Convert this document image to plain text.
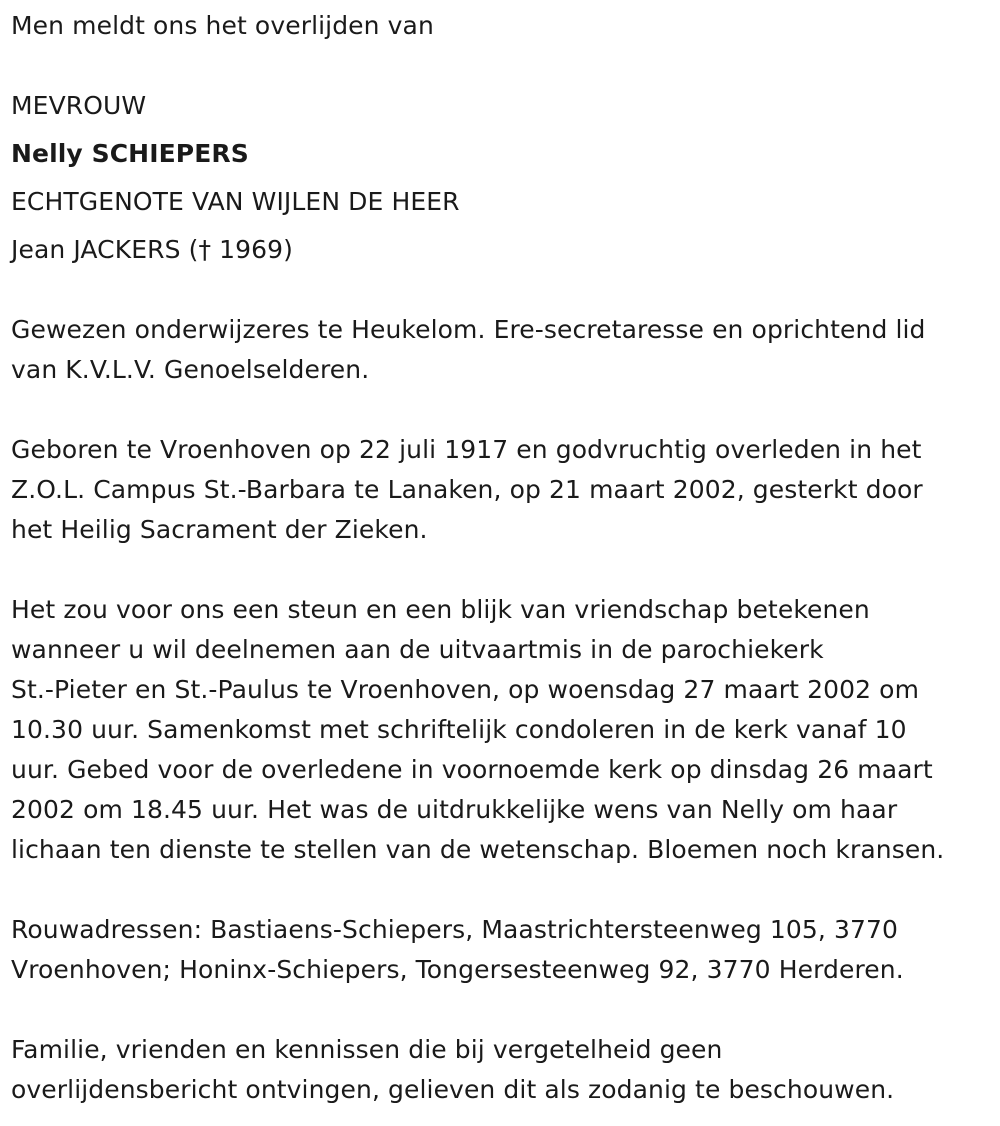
Men meldt ons het overlijden van
MEVROUW
Nelly SCHIEPERS
ECHTGENOTE VAN WIJLEN DE HEER
Jean JACKERS († 1969)
Gewezen onderwijzeres te Heukelom. Ere-secretaresse en oprichtend lid
van K.V.L.V. Genoelselderen.
Geboren te Vroenhoven op 22 juli 1917 en godvruchtig overleden in het
Z.O.L. Campus St.-Barbara te Lanaken, op 21 maart 2002, gesterkt door
het Heilig Sacrament der Zieken.
Het zou voor ons een steun en een blijk van vriendschap betekenen
wanneer u wil deelnemen aan de uitvaartmis in de parochiekerk
St.-Pieter en St.-Paulus te Vroenhoven, op woensdag 27 maart 2002 om
10.30 uur. Samenkomst met schriftelijk condoleren in de kerk vanaf 10
uur. Gebed voor de overledene in voornoemde kerk op dinsdag 26 maart
2002 om 18.45 uur. Het was de uitdrukkelijke wens van Nelly om haar
lichaan ten dienste te stellen van de wetenschap. Bloemen noch kransen.
Rouwadressen: Bastiaens-Schiepers, Maastrichtersteenweg 105, 3770
Vroenhoven; Honinx-Schiepers, Tongersesteenweg 92, 3770 Herderen.
Familie, vrienden en kennissen die bij vergetelheid geen
overlijdensbericht ontvingen, gelieven dit als zodanig te beschouwen.
